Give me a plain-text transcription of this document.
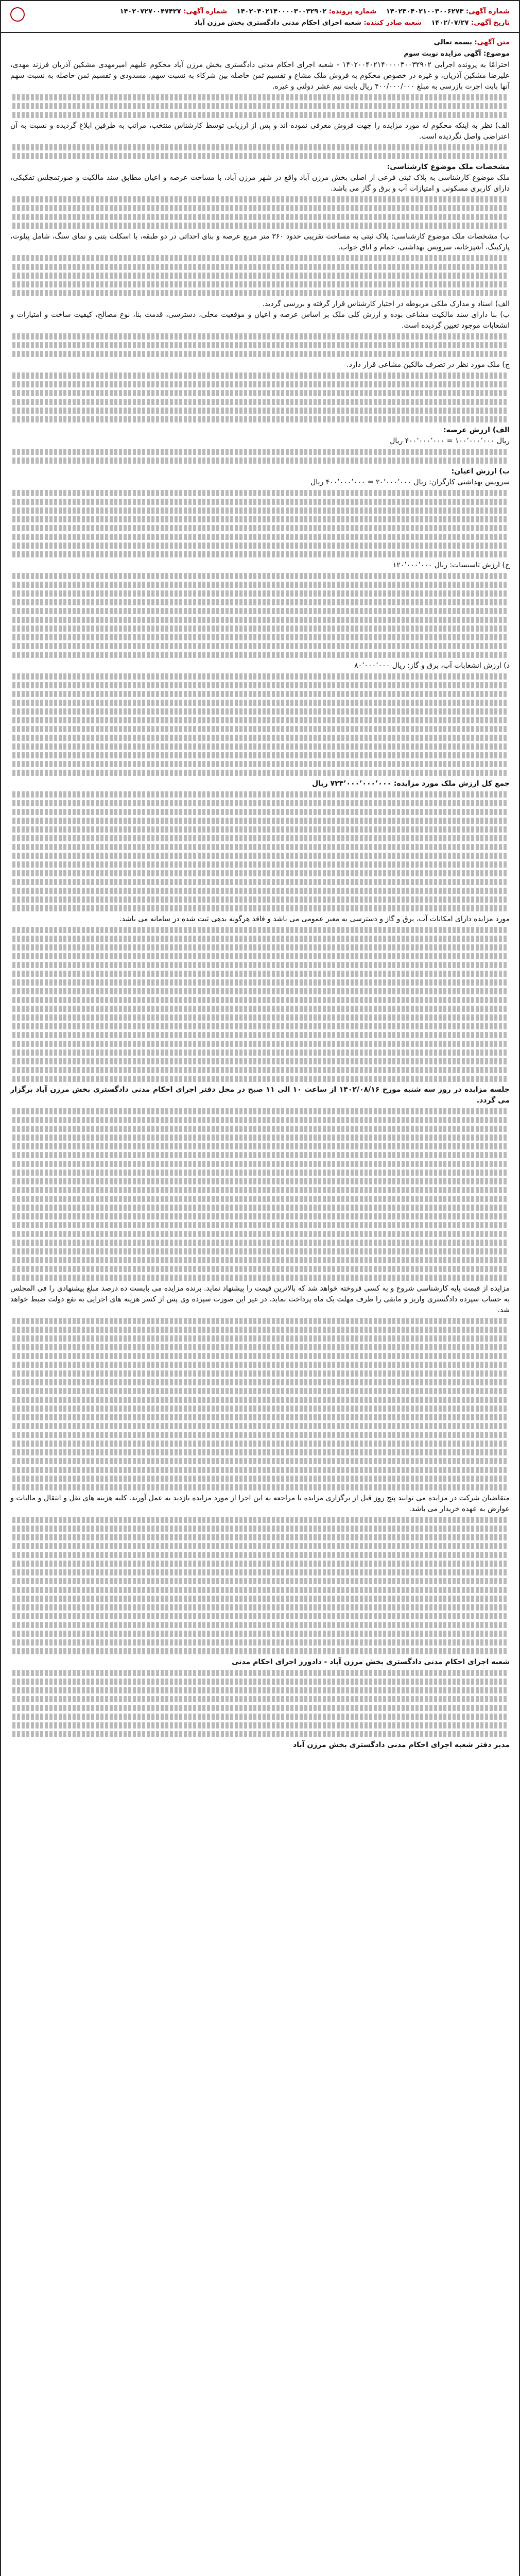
شماره آگهی: ۱۴۰۲۳۰۴۰۲۱۰۰۳۰۰۶۲۷۳ شماره پرونده: ۱۴۰۲۰۴۰۲۱۴۰۰۰۰۳۰۰۳۲۹۰۲ شماره آگهی: ۱۴۰۲۰۷۲۷۰۰۴۷۴۲۷
تاریخ آگهی: ۱۴۰۲/۰۷/۲۷ شعبه صادر کننده: شعبه اجرای احکام مدنی دادگستری بخش مرزن آباد
متن آگهی: بسمه تعالی
موضوع: آگهی مزایده نوبت سوم

احترامًا به پرونده اجرایی ۱۴۰۲۰۰۴۰۲۱۴۰۰۰۰۳۰۰۳۲۹۰۲ - شعبه اجرای احکام مدنی دادگستری بخش مرزن آباد محکوم علیهم امیرمهدی مشکین آذریان فرزند مهدی، علیرضا مشکین آذریان، و غیره در خصوص محکوم به فروش ملک مشاع و تقسیم ثمن حاصله بین شرکاء به نسبت سهم، مسدودی و تقسیم ثمن حاصله به نسبت سهم آنها بابت اجرت بازرسی به مبلغ ۴۰۰/۰۰۰/۰۰۰ ریال بابت نیم عشر دولتی و غیره.

الف) نظر به اینکه محکوم له مورد مزایده را جهت فروش معرفی نموده اند و پس از ارزیابی توسط کارشناس منتخب، مراتب به طرفین ابلاغ گردیده و نسبت به آن اعتراضی واصل نگردیده است.

مشخصات ملک موضوع کارشناسی:

ملک موضوع کارشناسی به پلاک ثبتی فرعی از اصلی بخش مرزن آباد واقع در شهر مرزن آباد، با مساحت عرصه و اعیان مطابق سند مالکیت و صورتمجلس تفکیکی، دارای کاربری مسکونی و امتیازات آب و برق و گاز می باشد.

ب) مشخصات ملک موضوع کارشناسی: پلاک ثبتی به مساحت تقریبی حدود ۳۶۰ متر مربع عرصه و بنای احداثی در دو طبقه، با اسکلت بتنی و نمای سنگ، شامل پیلوت، پارکینگ، آشپزخانه، سرویس بهداشتی، حمام و اتاق خواب.

الف) اسناد و مدارک ملکی مربوطه در اختیار کارشناس قرار گرفته و بررسی گردید.

ب) بنا دارای سند مالکیت مشاعی بوده و ارزش کلی ملک بر اساس عرصه و اعیان و موقعیت محلی، دسترسی، قدمت بنا، نوع مصالح، کیفیت ساخت و امتیازات و انشعابات موجود تعیین گردیده است.

ج) ملک مورد نظر در تصرف مالکین مشاعی قرار دارد.

الف) ارزش عرصه:

ریال ۱۰۰٬۰۰۰٬۰۰۰ = ۴۰۰٬۰۰۰٬۰۰۰ ریال

ب) ارزش اعیان:

سرویس بهداشتی کارگران: ریال ۲۰٬۰۰۰٬۰۰۰ = ۴۰۰٬۰۰۰٬۰۰۰ ریال

ج) ارزش تاسیسات: ریال ۱۲۰٬۰۰۰٬۰۰۰

د) ارزش انشعابات آب، برق و گاز: ریال ۸۰٬۰۰۰٬۰۰۰

جمع کل ارزش ملک مورد مزایده: ۷۲۴٬۰۰۰٬۰۰۰٬۰۰۰ ریال

مورد مزایده دارای امکانات آب، برق و گاز و دسترسی به معبر عمومی می باشد و فاقد هرگونه بدهی ثبت شده در سامانه می باشد.

جلسه مزایده در روز سه شنبه مورخ ۱۴۰۲/۰۸/۱۶ از ساعت ۱۰ الی ۱۱ صبح در محل دفتر اجرای احکام مدنی دادگستری بخش مرزن آباد برگزار می گردد.

مزایده از قیمت پایه کارشناسی شروع و به کسی فروخته خواهد شد که بالاترین قیمت را پیشنهاد نماید. برنده مزایده می بایست ده درصد مبلغ پیشنهادی را فی المجلس به حساب سپرده دادگستری واریز و مابقی را ظرف مهلت یک ماه پرداخت نماید، در غیر این صورت سپرده وی پس از کسر هزینه های اجرایی به نفع دولت ضبط خواهد شد.

متقاضیان شرکت در مزایده می توانند پنج روز قبل از برگزاری مزایده با مراجعه به این اجرا از مورد مزایده بازدید به عمل آورند. کلیه هزینه های نقل و انتقال و مالیات و عوارض به عهده خریدار می باشد.

شعبه اجرای احکام مدنی دادگستری بخش مرزن آباد - دادورز اجرای احکام مدنی

مدیر دفتر شعبه اجرای احکام مدنی دادگستری بخش مرزن آباد
